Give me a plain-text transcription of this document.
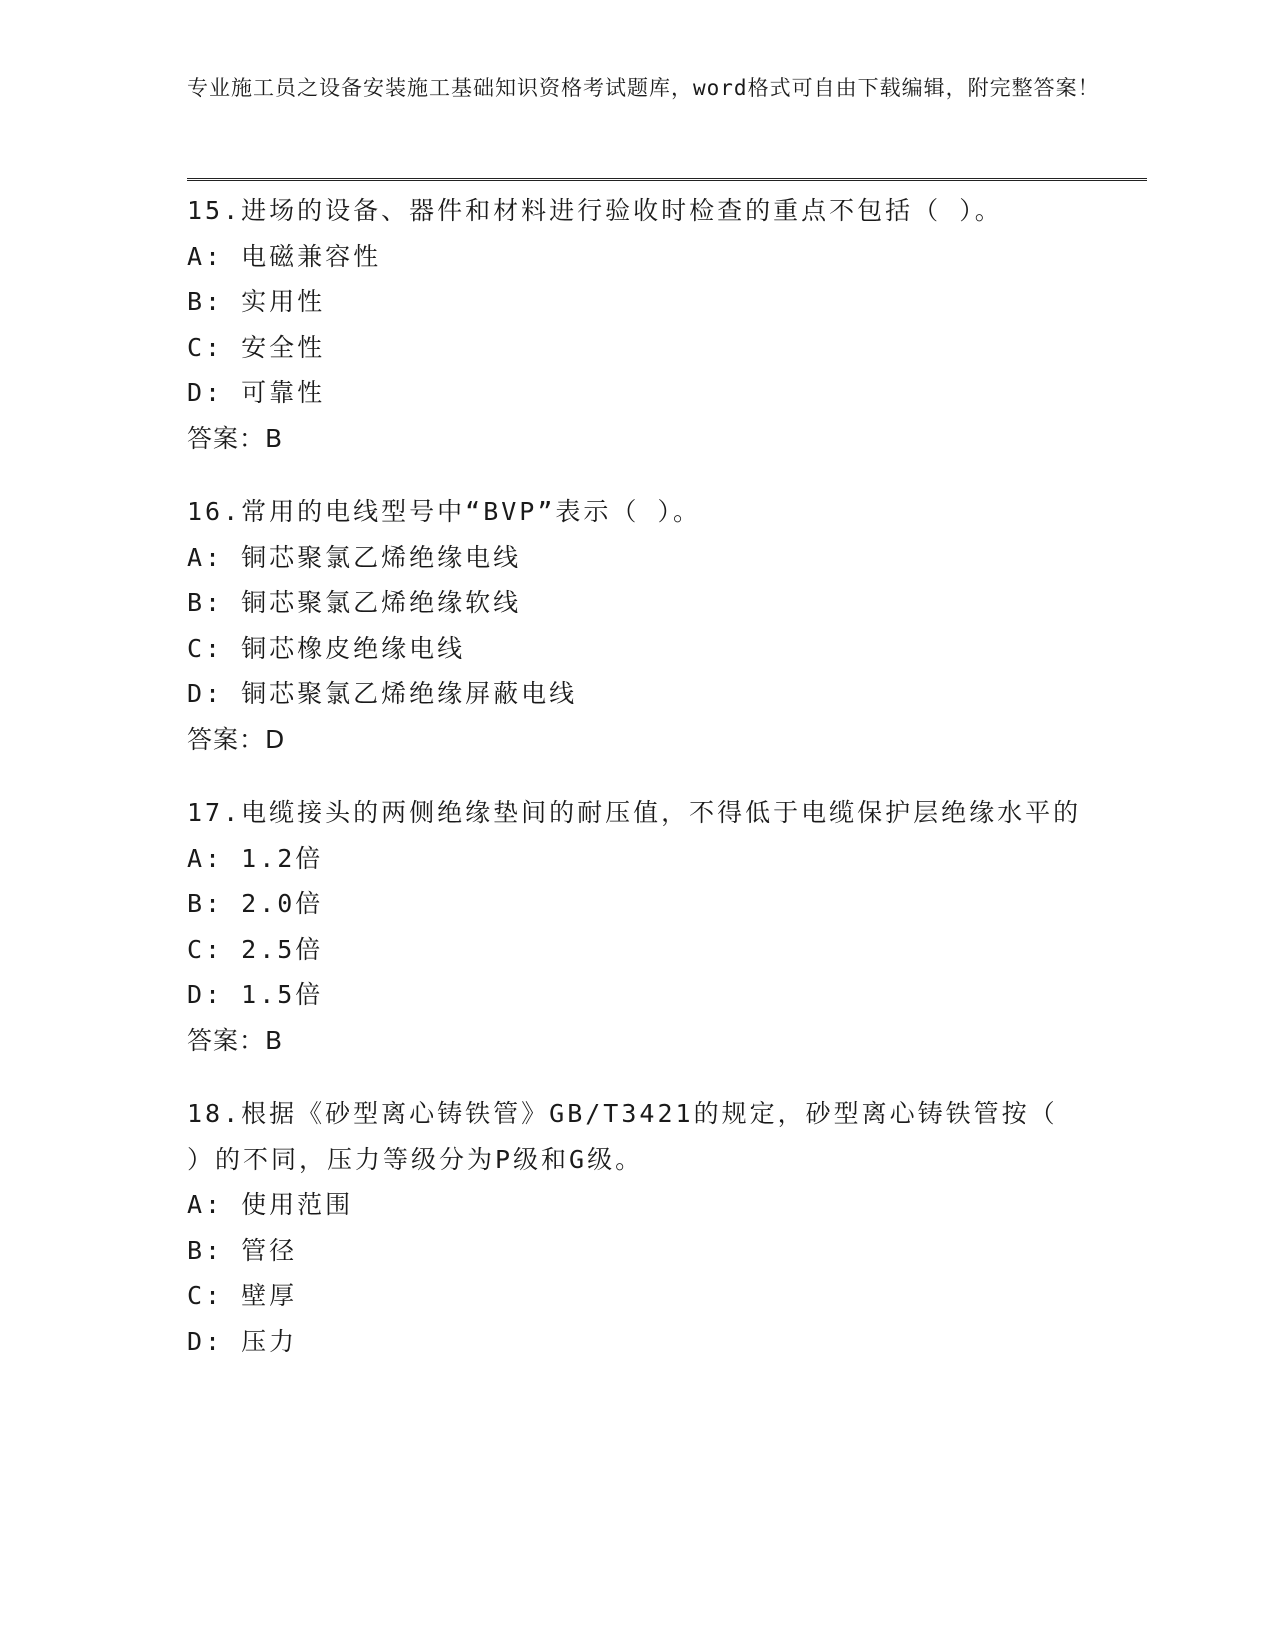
专业施工员之设备安装施工基础知识资格考试题库，word格式可自由下载编辑，附完整答案！

15.进场的设备、器件和材料进行验收时检查的重点不包括（ ）。

A: 电磁兼容性

B: 实用性

C: 安全性

D: 可靠性

答案：B

16.常用的电线型号中“BVP”表示（ ）。

A: 铜芯聚氯乙烯绝缘电线

B: 铜芯聚氯乙烯绝缘软线

C: 铜芯橡皮绝缘电线

D: 铜芯聚氯乙烯绝缘屏蔽电线

答案：D

17.电缆接头的两侧绝缘垫间的耐压值，不得低于电缆保护层绝缘水平的

A: 1.2倍

B: 2.0倍

C: 2.5倍

D: 1.5倍

答案：B

18.根据《砂型离心铸铁管》GB/T3421的规定，砂型离心铸铁管按（ ）的不同，压力等级分为P级和G级。

A: 使用范围

B: 管径

C: 壁厚

D: 压力
